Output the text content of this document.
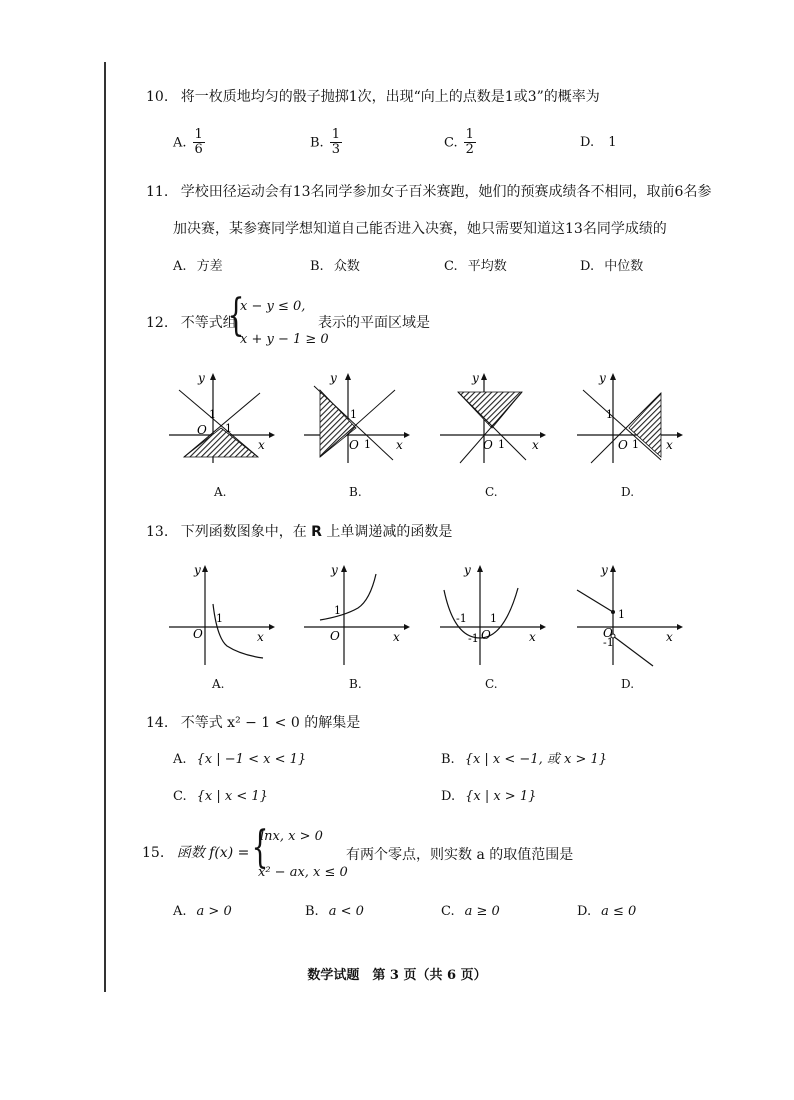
10. 将一枚质地均匀的骰子抛掷1次，出现“向上的点数是1或3”的概率为
A. $\frac{1}{6}$	B. $\frac{1}{3}$	C. $\frac{1}{2}$	D. 1
11. 学校田径运动会有13名同学参加女子百米赛跑，她们的预赛成绩各不相同，取前6名参
加决赛，某参赛同学想知道自己能否进入决赛，她只需要知道这13名同学成绩的
A. 方差	B. 众数	C. 平均数	D. 中位数
12. 不等式组
{
x − y ≤ 0,
x + y − 1 ≥ 0
表示的平面区域是
y
x
O
1
1
A.
y
x
O
1
1
B.
y
x
O 1
C.
y
x
O
1
1
D.
13. 下列函数图象中，在 R 上单调递减的函数是
y
x
O
1
A.
y
x
O
1
B.
y
x
O
-1 1
-1
C.
y
x
O
1
-1
D.
14. 不等式 x² − 1 < 0 的解集是
A. {x | −1 < x < 1}	B. {x | x < −1, 或 x > 1}
C. {x | x < 1}	D. {x | x > 1}
15. 函数 f(x) = {
lnx, x > 0
x² − ax, x ≤ 0
有两个零点，则实数 a 的取值范围是
A. a > 0	B. a < 0	C. a ≥ 0	D. a ≤ 0
数学试题　第 3 页（共 6 页）
